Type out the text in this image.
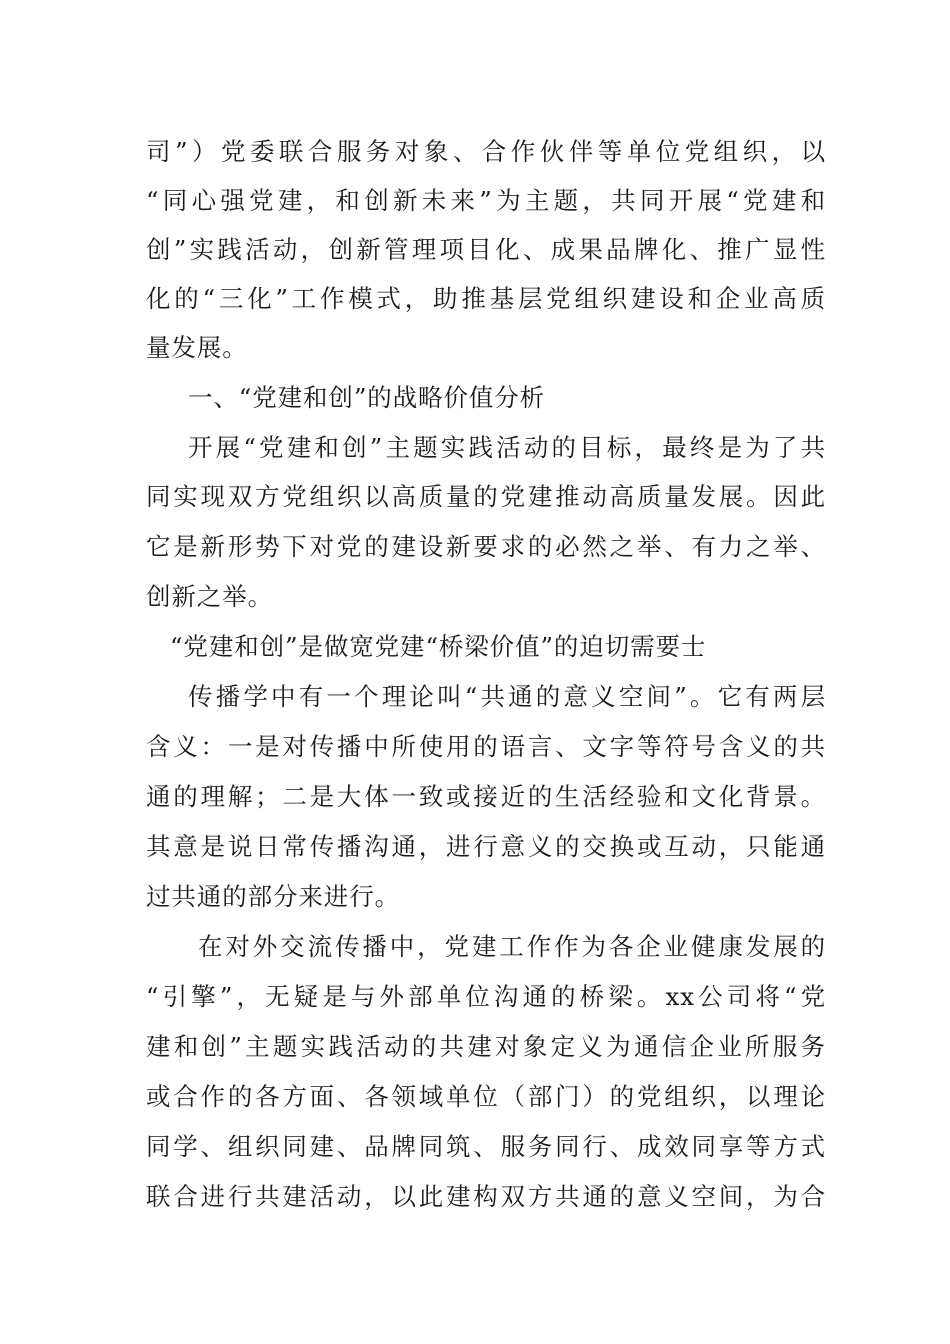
司”）党委联合服务对象、合作伙伴等单位党组织，以
“同心强党建，和创新未来”为主题，共同开展“党建和
创”实践活动，创新管理项目化、成果品牌化、推广显性
化的“三化”工作模式，助推基层党组织建设和企业高质
量发展。
一、“党建和创”的战略价值分析
开展“党建和创”主题实践活动的目标，最终是为了共
同实现双方党组织以高质量的党建推动高质量发展。因此
它是新形势下对党的建设新要求的必然之举、有力之举、
创新之举。
“党建和创”是做宽党建“桥梁价值”的迫切需要士
传播学中有一个理论叫“共通的意义空间”。它有两层
含义：一是对传播中所使用的语言、文字等符号含义的共
通的理解；二是大体一致或接近的生活经验和文化背景。
其意是说日常传播沟通，进行意义的交换或互动，只能通
过共通的部分来进行。
在对外交流传播中，党建工作作为各企业健康发展的
“引擎”，无疑是与外部单位沟通的桥梁。xx公司将“党
建和创”主题实践活动的共建对象定义为通信企业所服务
或合作的各方面、各领域单位（部门）的党组织，以理论
同学、组织同建、品牌同筑、服务同行、成效同享等方式
联合进行共建活动，以此建构双方共通的意义空间，为合
